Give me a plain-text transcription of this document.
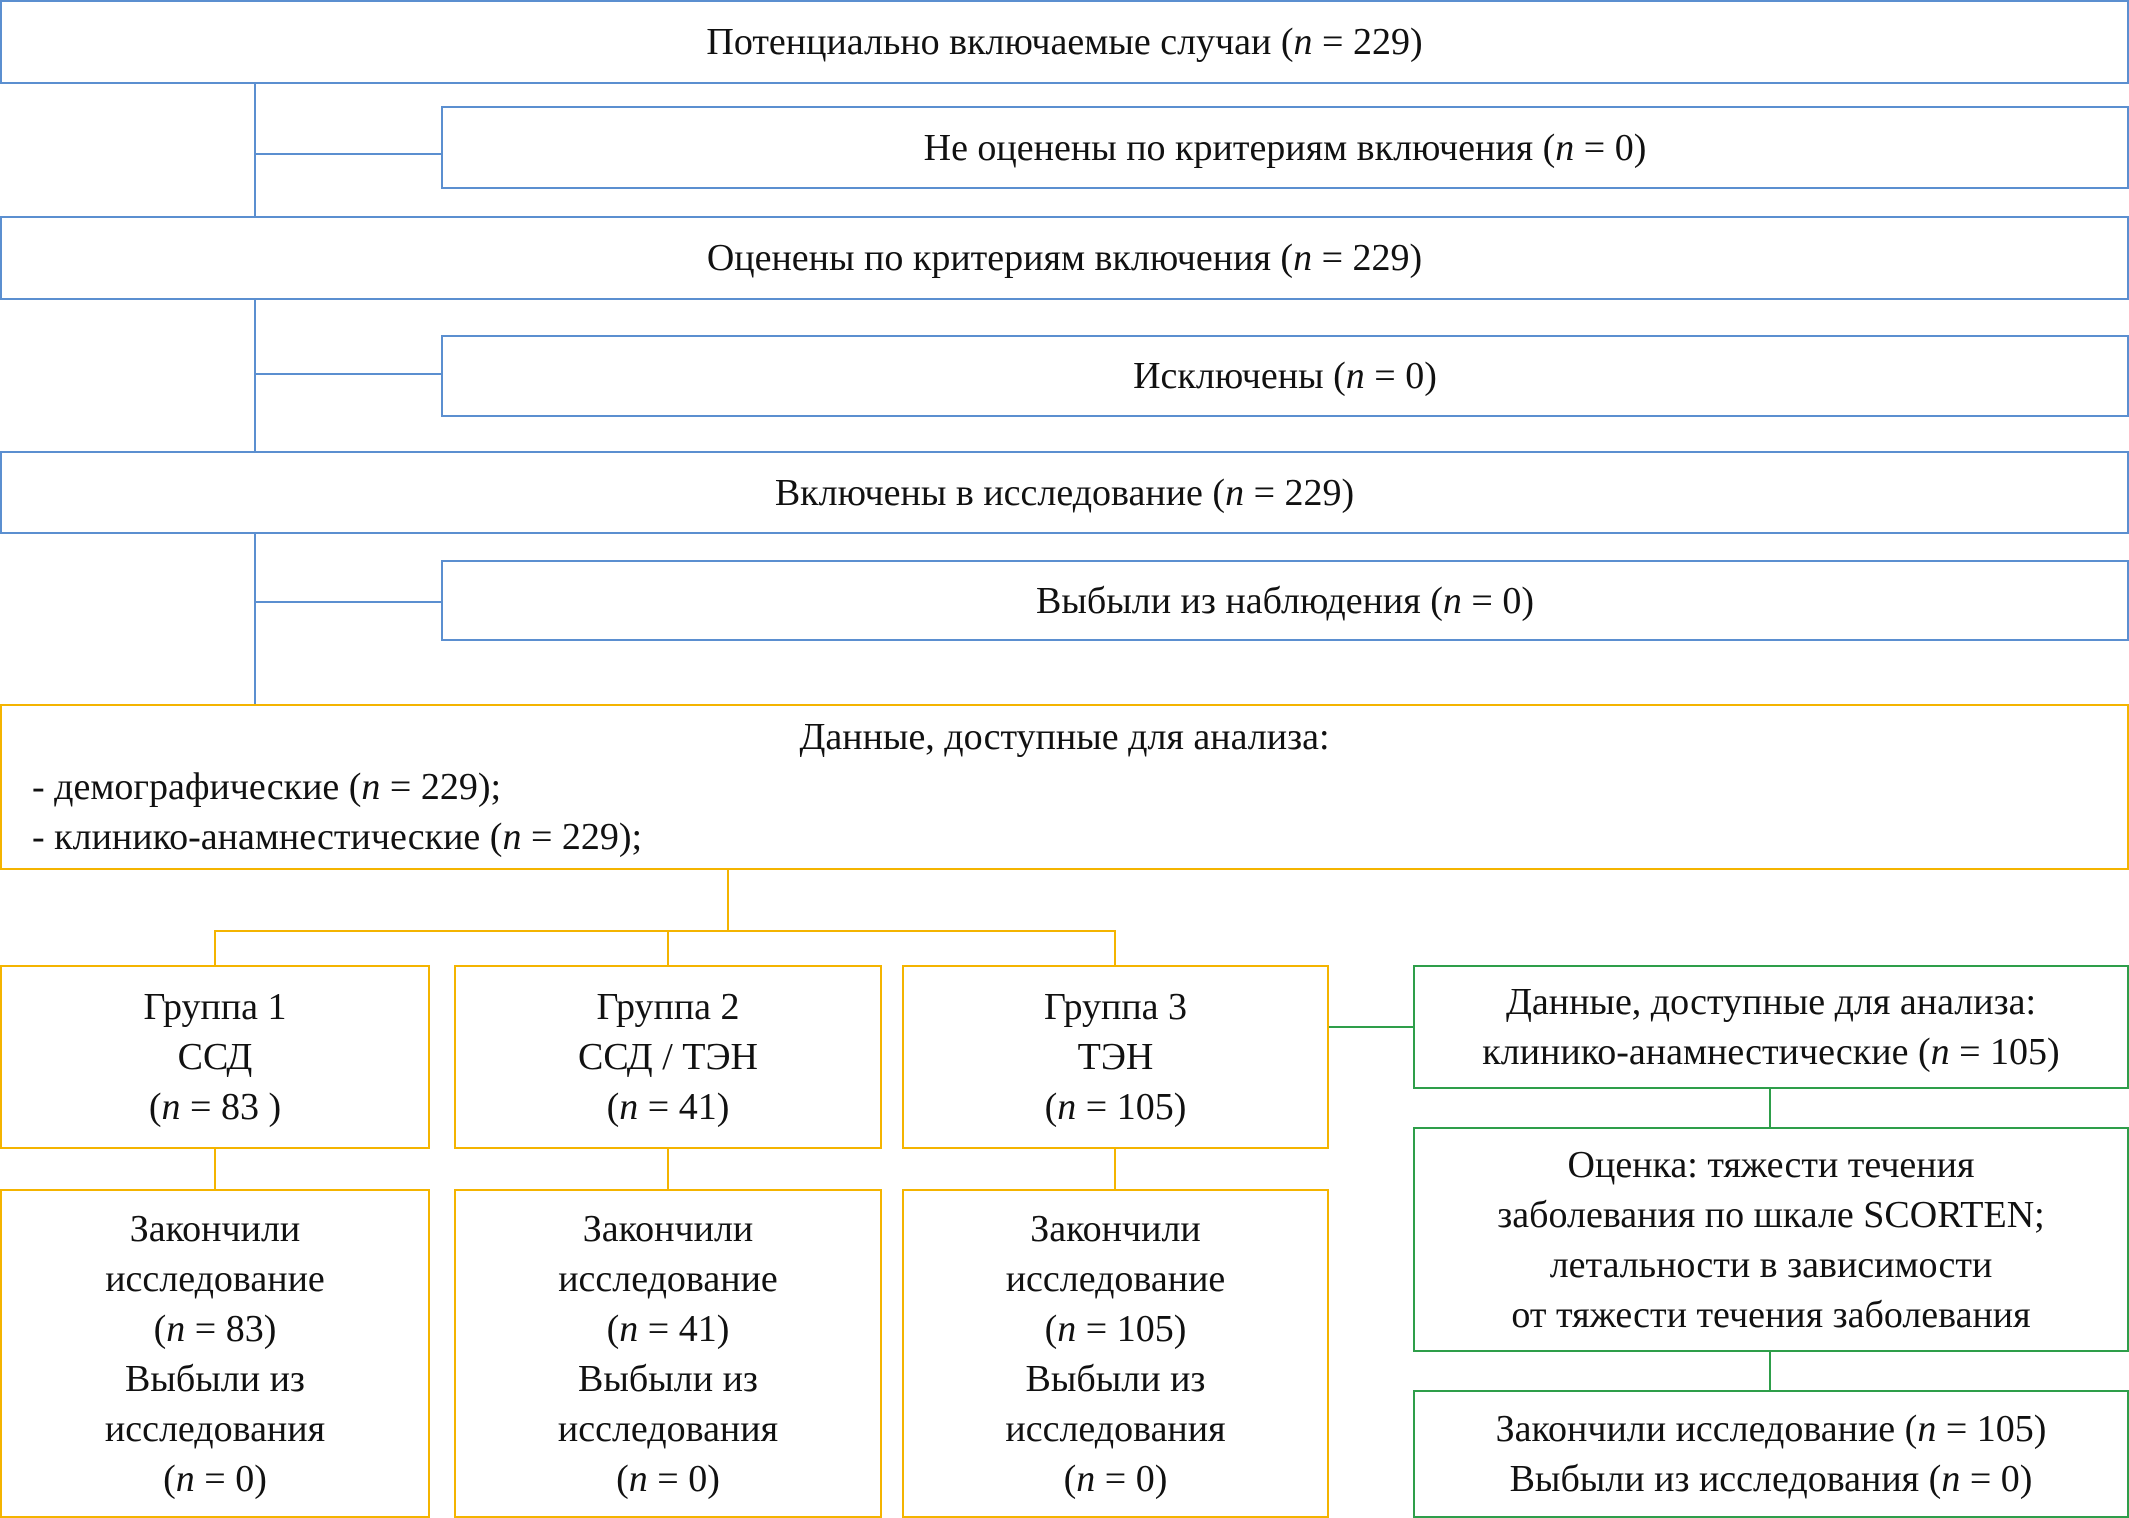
Потенциально включаемые случаи (n = 229)
Не оценены по критериям включения (n = 0)
Оценены по критериям включения (n = 229)
Исключены (n = 0)
Включены в исследование (n = 229)
Выбыли из наблюдения (n = 0)
Данные, доступные для анализа:
- демографические (n = 229);
- клинико-анамнестические (n = 229);
Группа 1
ССД
(n = 83 )
Группа 2
ССД / ТЭН
(n = 41)
Группа 3
ТЭН
(n = 105)
Закончили
исследование
(n = 83)
Выбыли из
исследования
(n = 0)
Закончили
исследование
(n = 41)
Выбыли из
исследования
(n = 0)
Закончили
исследование
(n = 105)
Выбыли из
исследования
(n = 0)
Данные, доступные для анализа:
клинико-анамнестические (n = 105)
Оценка: тяжести течения
заболевания по шкале SCORTEN;
летальности в зависимости
от тяжести течения заболевания
Закончили исследование (n = 105)
Выбыли из исследования (n = 0)
